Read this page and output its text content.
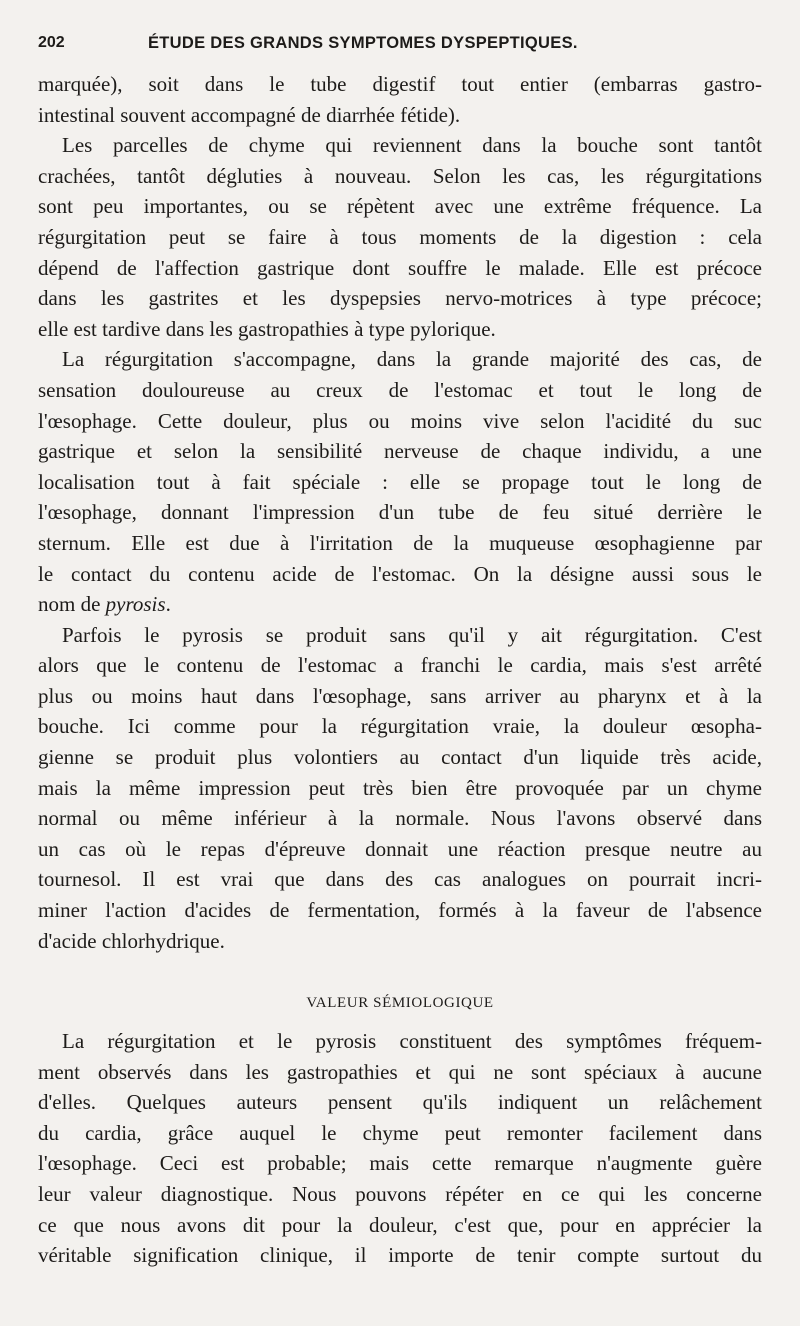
202	ÉTUDE DES GRANDS SYMPTOMES DYSPEPTIQUES.
marquée), soit dans le tube digestif tout entier (embarras gastro-
intestinal souvent accompagné de diarrhée fétide).
Les parcelles de chyme qui reviennent dans la bouche sont tantôt
crachées, tantôt dégluties à nouveau. Selon les cas, les régurgitations
sont peu importantes, ou se répètent avec une extrême fréquence. La
régurgitation peut se faire à tous moments de la digestion : cela
dépend de l'affection gastrique dont souffre le malade. Elle est précoce
dans les gastrites et les dyspepsies nervo-motrices à type précoce;
elle est tardive dans les gastropathies à type pylorique.
La régurgitation s'accompagne, dans la grande majorité des cas, de
sensation douloureuse au creux de l'estomac et tout le long de
l'œsophage. Cette douleur, plus ou moins vive selon l'acidité du suc
gastrique et selon la sensibilité nerveuse de chaque individu, a une
localisation tout à fait spéciale : elle se propage tout le long de
l'œsophage, donnant l'impression d'un tube de feu situé derrière le
sternum. Elle est due à l'irritation de la muqueuse œsophagienne par
le contact du contenu acide de l'estomac. On la désigne aussi sous le
nom de pyrosis.
Parfois le pyrosis se produit sans qu'il y ait régurgitation. C'est
alors que le contenu de l'estomac a franchi le cardia, mais s'est arrêté
plus ou moins haut dans l'œsophage, sans arriver au pharynx et à la
bouche. Ici comme pour la régurgitation vraie, la douleur œsopha-
gienne se produit plus volontiers au contact d'un liquide très acide,
mais la même impression peut très bien être provoquée par un chyme
normal ou même inférieur à la normale. Nous l'avons observé dans
un cas où le repas d'épreuve donnait une réaction presque neutre au
tournesol. Il est vrai que dans des cas analogues on pourrait incri-
miner l'action d'acides de fermentation, formés à la faveur de l'absence
d'acide chlorhydrique.
VALEUR SÉMIOLOGIQUE
La régurgitation et le pyrosis constituent des symptômes fréquem-
ment observés dans les gastropathies et qui ne sont spéciaux à aucune
d'elles. Quelques auteurs pensent qu'ils indiquent un relâchement
du cardia, grâce auquel le chyme peut remonter facilement dans
l'œsophage. Ceci est probable; mais cette remarque n'augmente guère
leur valeur diagnostique. Nous pouvons répéter en ce qui les concerne
ce que nous avons dit pour la douleur, c'est que, pour en apprécier la
véritable signification clinique, il importe de tenir compte surtout du
